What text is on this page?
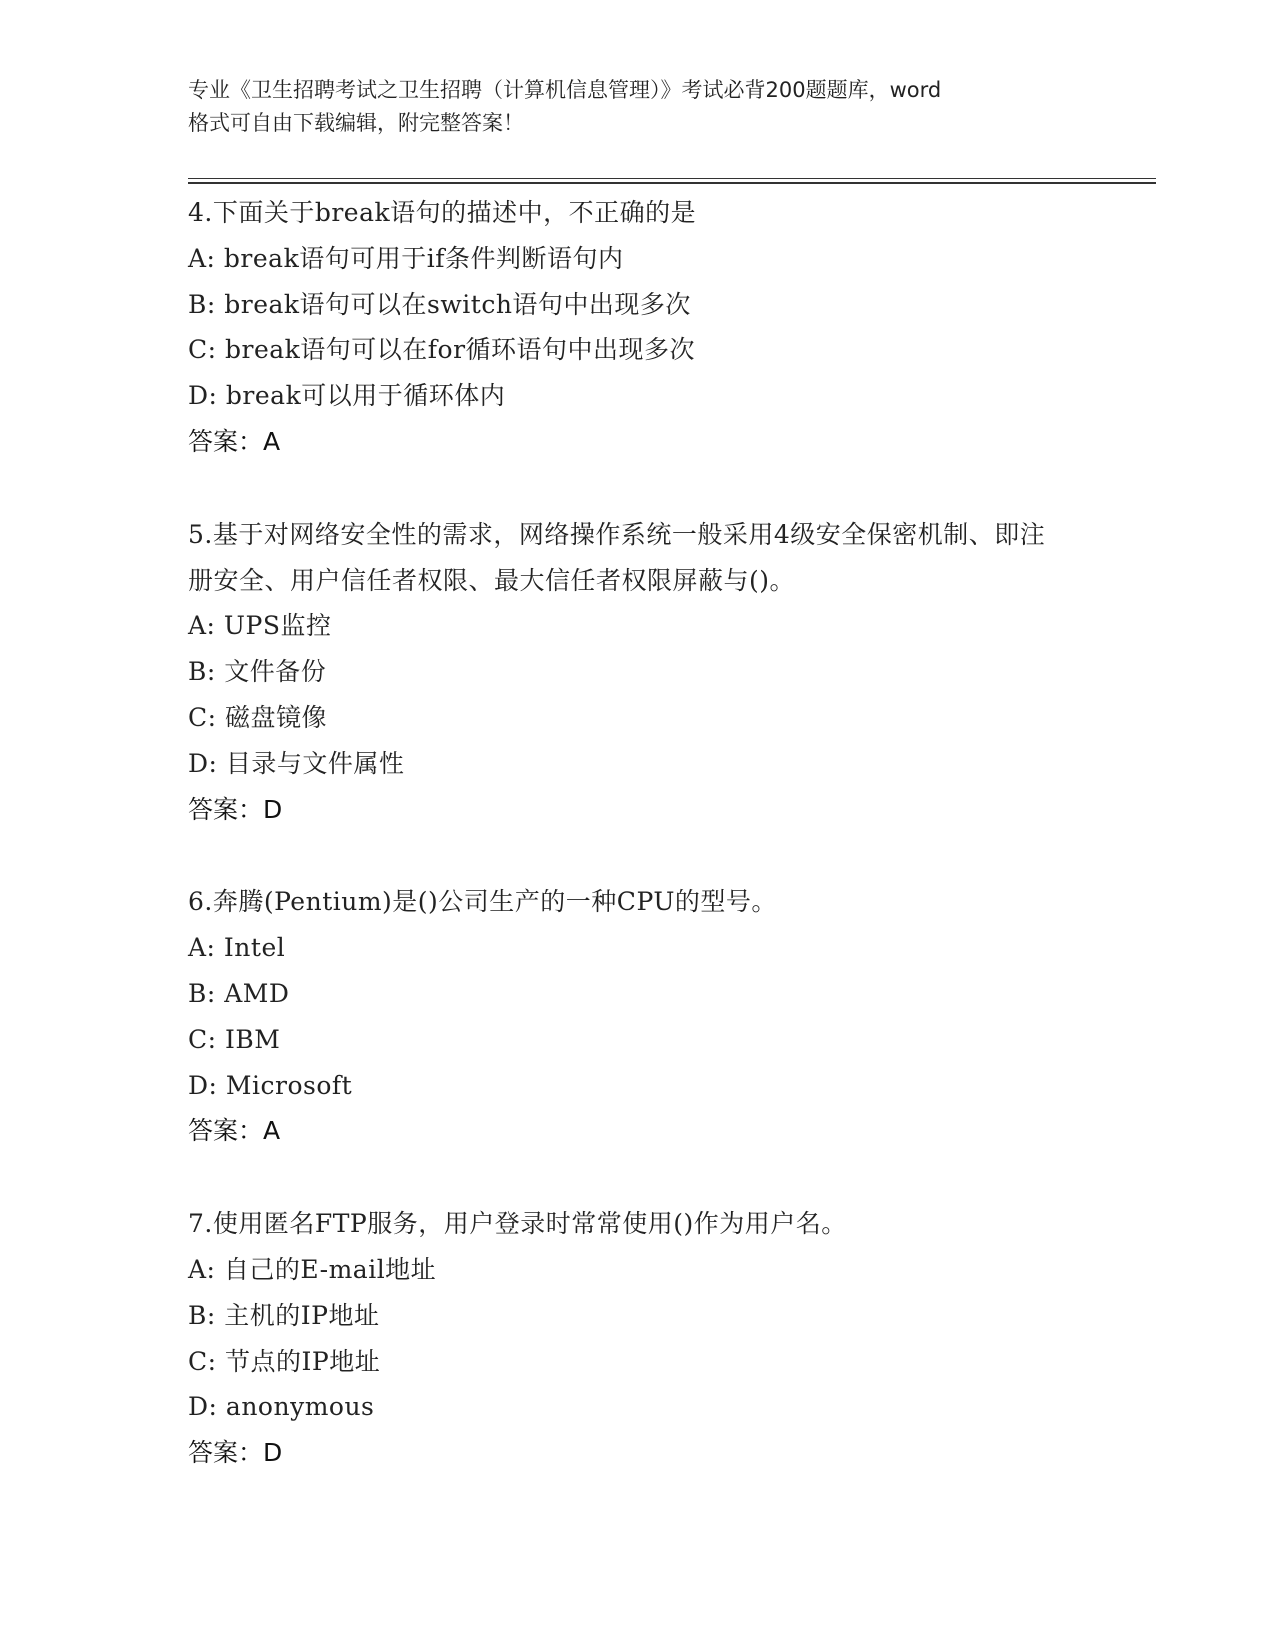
专业《卫生招聘考试之卫生招聘（计算机信息管理）》考试必背200题题库，word
格式可自由下载编辑，附完整答案！
4.下面关于break语句的描述中，不正确的是
A: break语句可用于if条件判断语句内
B: break语句可以在switch语句中出现多次
C: break语句可以在for循环语句中出现多次
D: break可以用于循环体内
答案：A
5.基于对网络安全性的需求，网络操作系统一般采用4级安全保密机制、即注册安全、用户信任者权限、最大信任者权限屏蔽与()。
A: UPS监控
B: 文件备份
C: 磁盘镜像
D: 目录与文件属性
答案：D
6.奔腾(Pentium)是()公司生产的一种CPU的型号。
A: Intel
B: AMD
C: IBM
D: Microsoft
答案：A
7.使用匿名FTP服务，用户登录时常常使用()作为用户名。
A: 自己的E-mail地址
B: 主机的IP地址
C: 节点的IP地址
D: anonymous
答案：D
